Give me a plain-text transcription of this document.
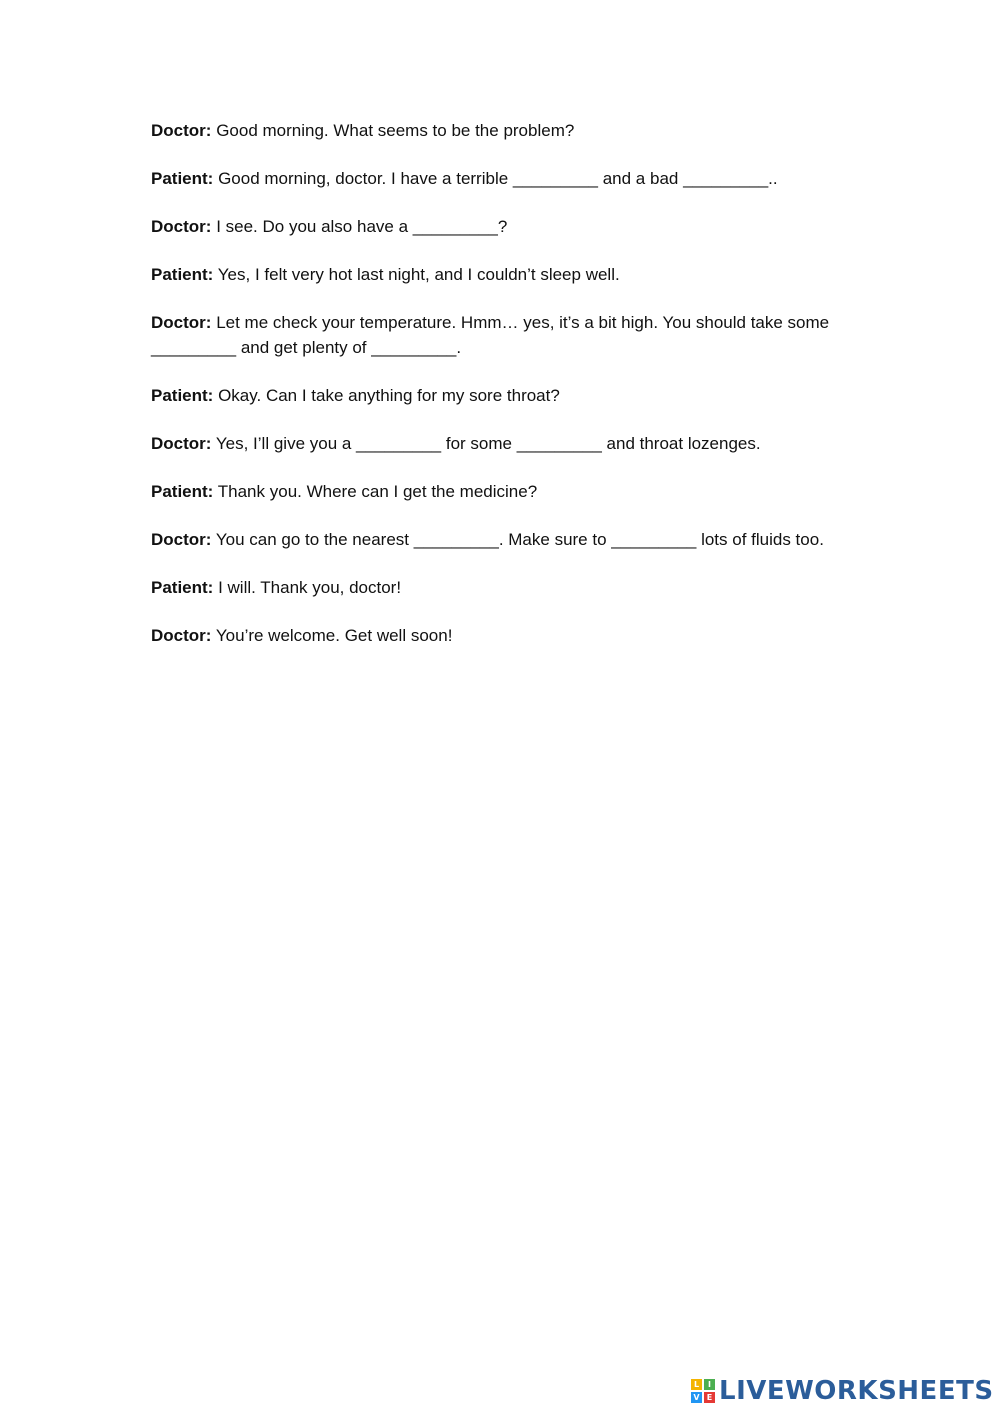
Doctor: Good morning. What seems to be the problem?

Patient: Good morning, doctor. I have a terrible _________ and a bad _________..

Doctor: I see. Do you also have a _________?

Patient: Yes, I felt very hot last night, and I couldn’t sleep well.

Doctor: Let me check your temperature. Hmm… yes, it’s a bit high. You should take some _________ and get plenty of _________.

Patient: Okay. Can I take anything for my sore throat?

Doctor: Yes, I’ll give you a _________ for some _________ and throat lozenges.

Patient: Thank you. Where can I get the medicine?

Doctor: You can go to the nearest _________. Make sure to _________ lots of fluids too.

Patient: I will. Thank you, doctor!

Doctor: You’re welcome. Get well soon!

L	I
V E LIVEWORKSHEETS
